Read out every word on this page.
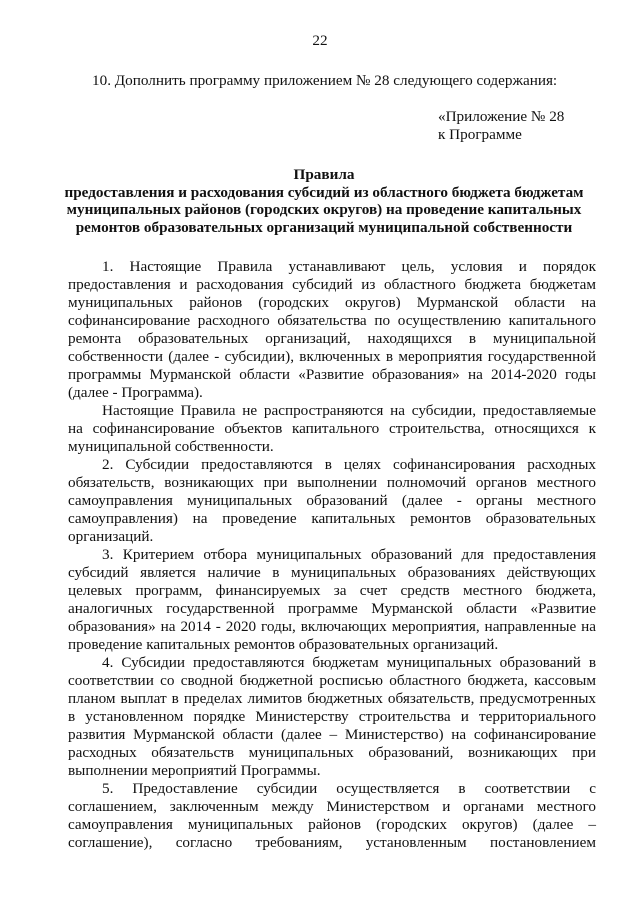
22
10. Дополнить программу приложением № 28 следующего содержания:
«Приложение № 28
к Программе
Правила
предоставления и расходования субсидий из областного бюджета бюджетам муниципальных районов (городских округов) на проведение капитальных ремонтов образовательных организаций муниципальной собственности

1. Настоящие Правила устанавливают цель, условия и порядок предоставления и расходования субсидий из областного бюджета бюджетам муниципальных районов (городских округов) Мурманской области на софинансирование расходного обязательства по осуществлению капитального ремонта образовательных организаций, находящихся в муниципальной собственности (далее - субсидии), включенных в мероприятия государственной программы Мурманской области «Развитие образования» на 2014-2020 годы (далее - Программа).

Настоящие Правила не распространяются на субсидии, предоставляемые на софинансирование объектов капитального строительства, относящихся к муниципальной собственности.

2. Субсидии предоставляются в целях софинансирования расходных обязательств, возникающих при выполнении полномочий органов местного самоуправления муниципальных образований (далее - органы местного самоуправления) на проведение капитальных ремонтов образовательных организаций.

3. Критерием отбора муниципальных образований для предоставления субсидий является наличие в муниципальных образованиях действующих целевых программ, финансируемых за счет средств местного бюджета, аналогичных государственной программе Мурманской области «Развитие образования» на 2014 - 2020 годы, включающих мероприятия, направленные на проведение капитальных ремонтов образовательных организаций.

4. Субсидии предоставляются бюджетам муниципальных образований в соответствии со сводной бюджетной росписью областного бюджета, кассовым планом выплат в пределах лимитов бюджетных обязательств, предусмотренных в установленном порядке Министерству строительства и территориального развития Мурманской области (далее – Министерство) на софинансирование расходных обязательств муниципальных образований, возникающих при выполнении мероприятий Программы.

5. Предоставление субсидии осуществляется в соответствии с соглашением, заключенным между Министерством и органами местного самоуправления муниципальных районов (городских округов) (далее – соглашение), согласно требованиям, установленным постановлением
